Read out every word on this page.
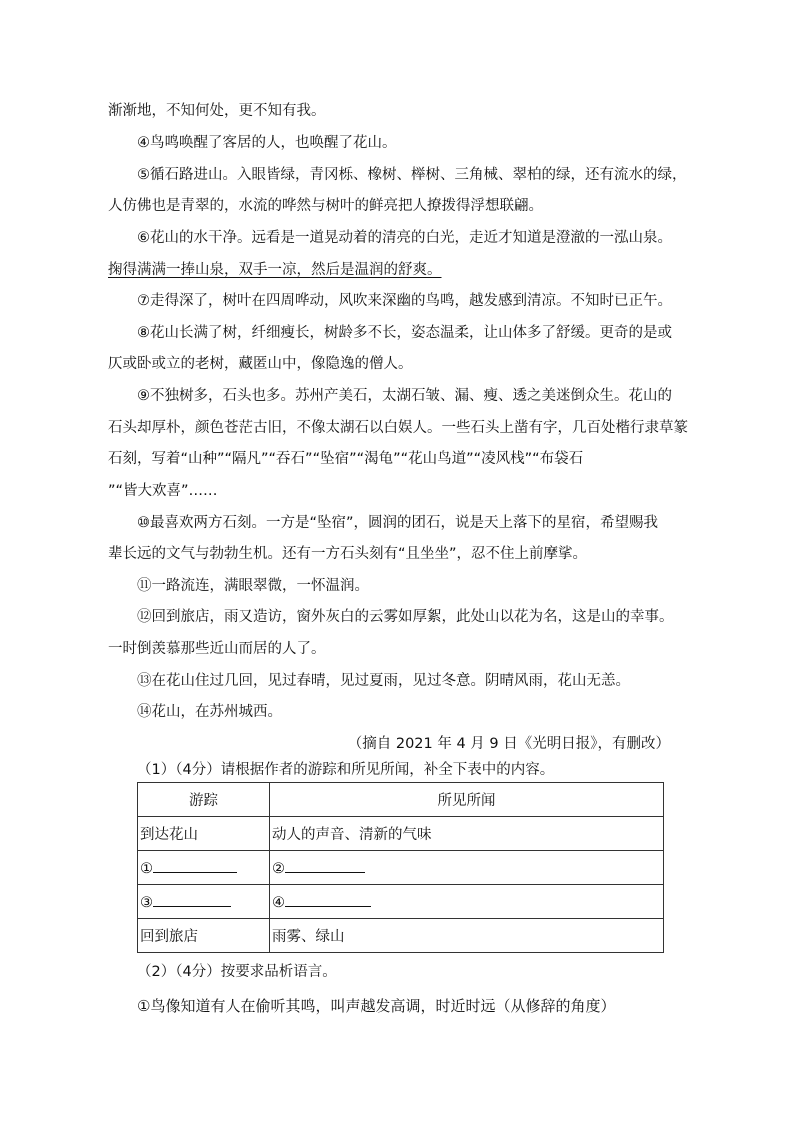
渐渐地，不知何处，更不知有我。
④鸟鸣唤醒了客居的人，也唤醒了花山。
⑤循石路进山。入眼皆绿，青冈栎、橡树、榉树、三角械、翠柏的绿，还有流水的绿，
人仿佛也是青翠的，水流的哗然与树叶的鲜亮把人撩拨得浮想联翩。
⑥花山的水干净。远看是一道晃动着的清亮的白光，走近才知道是澄澈的一泓山泉。
掬得满满一捧山泉，双手一凉，然后是温润的舒爽。
⑦走得深了，树叶在四周哗动，风吹来深幽的鸟鸣，越发感到清凉。不知时已正午。
⑧花山长满了树，纤细瘦长，树龄多不长，姿态温柔，让山体多了舒缓。更奇的是或
仄或卧或立的老树，藏匿山中，像隐逸的僧人。
⑨不独树多，石头也多。苏州产美石，太湖石皱、漏、瘦、透之美迷倒众生。花山的
石头却厚朴，颜色苍茫古旧，不像太湖石以白娱人。一些石头上凿有字，几百处楷行隶草篆
石刻，写着“山种”“隔凡”“吞石”“坠宿”“渴龟”“花山鸟道”“凌风栈”“布袋石
”“皆大欢喜”……
⑩最喜欢两方石刻。一方是“坠宿”，圆润的团石，说是天上落下的星宿，希望赐我
辈长远的文气与勃勃生机。还有一方石头刻有“且坐坐”，忍不住上前摩挲。
⑪一路流连，满眼翠微，一怀温润。
⑫回到旅店，雨又造访，窗外灰白的云雾如厚絮，此处山以花为名，这是山的幸事。
一时倒羡慕那些近山而居的人了。
⑬在花山住过几回，见过春晴，见过夏雨，见过冬意。阴晴风雨，花山无恙。
⑭花山，在苏州城西。
（摘自 2021 年 4 月 9 日《光明日报》，有删改）
（1）（4分）请根据作者的游踪和所见所闻，补全下表中的内容。
游踪	所见所闻
到达花山	动人的声音、清新的气味
①	②
③	④
回到旅店	雨雾、绿山
（2）（4分）按要求品析语言。
①鸟像知道有人在偷听其鸣，叫声越发高调，时近时远（从修辞的角度）
